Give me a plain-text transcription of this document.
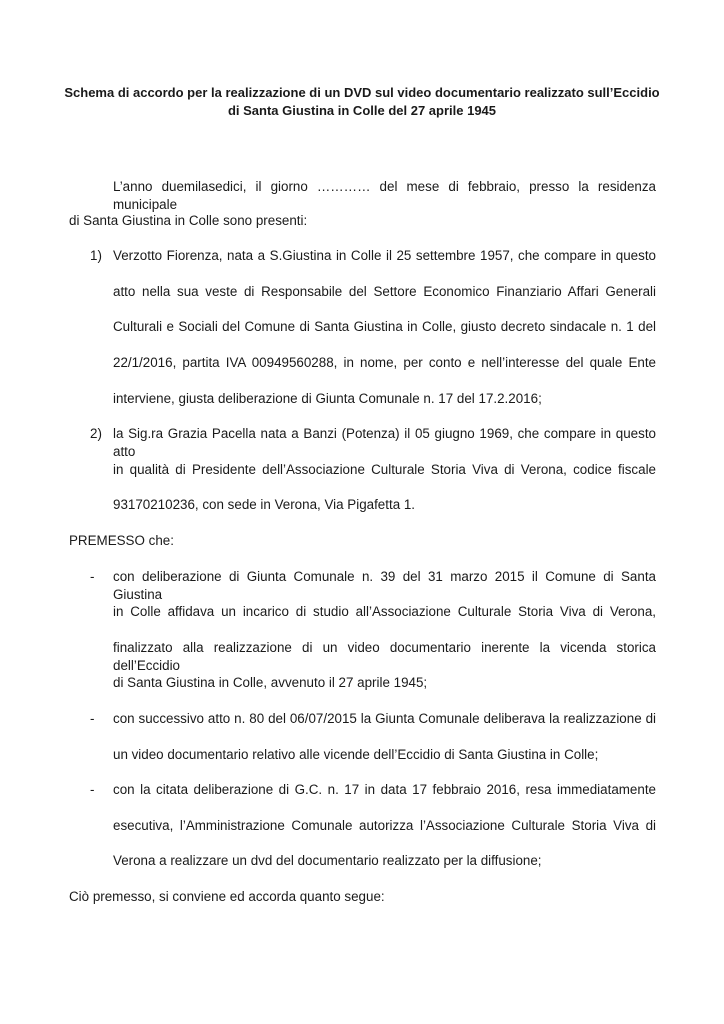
Schema di accordo per la realizzazione di un DVD sul video documentario realizzato sull’Eccidio
di Santa Giustina in Colle del 27 aprile 1945
L’anno duemilasedici, il giorno ………… del mese di febbraio, presso la residenza municipale
di Santa Giustina in Colle sono presenti:
1) Verzotto Fiorenza, nata a S.Giustina in Colle il 25 settembre 1957, che compare in questo
atto nella sua veste di Responsabile del Settore Economico Finanziario Affari Generali
Culturali e Sociali del Comune di Santa Giustina in Colle, giusto decreto sindacale n. 1 del
22/1/2016, partita IVA 00949560288, in nome, per conto e nell’interesse del quale Ente
interviene, giusta deliberazione di Giunta Comunale n. 17 del 17.2.2016;
2) la Sig.ra Grazia Pacella nata a Banzi (Potenza) il 05 giugno 1969, che compare in questo atto
in qualità di Presidente dell’Associazione Culturale Storia Viva di Verona, codice fiscale
93170210236, con sede in Verona, Via Pigafetta 1.
PREMESSO che:
- con deliberazione di Giunta Comunale n. 39 del 31 marzo 2015 il Comune di Santa Giustina
in Colle affidava un incarico di studio all’Associazione Culturale Storia Viva di Verona,
finalizzato alla realizzazione di un video documentario inerente la vicenda storica dell’Eccidio
di Santa Giustina in Colle, avvenuto il 27 aprile 1945;
- con successivo atto n. 80 del 06/07/2015 la Giunta Comunale deliberava la realizzazione di
un video documentario relativo alle vicende dell’Eccidio di Santa Giustina in Colle;
- con la citata deliberazione di G.C. n. 17 in data 17 febbraio 2016, resa immediatamente
esecutiva, l’Amministrazione Comunale autorizza l’Associazione Culturale Storia Viva di
Verona a realizzare un dvd del documentario realizzato per la diffusione;
Ciò premesso, si conviene ed accorda quanto segue:
